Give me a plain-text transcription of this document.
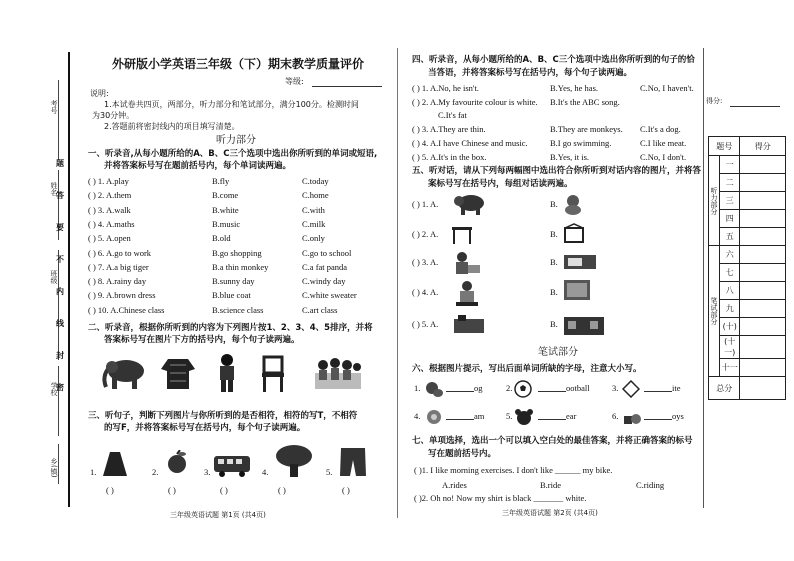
考号
姓名
班级
学校
乡(镇)
题
答
要
不
内
线
封
密
外研版小学英语三年级（下）期末教学质量评价
等级:
说明:
1.本试卷共四页，两部分，听力部分和笔试部分，满分100分。检测时间
为30分钟。
2.答题前将密封线内的项目填写清楚。
听力部分
一、听录音,从每小题所给的A、B、C三个选项中选出你所听到的单词或短语,
并将答案标号写在题前括号内，每个单词读两遍。
( ) 1. A.play	B.fly	C.today
( ) 2. A.them	B.come	C.home
( ) 3. A.walk	B.white	C.with
( ) 4. A.maths	B.music	C.milk
( ) 5. A.open	B.old	C.only
( ) 6. A.go to work	B.go shopping	C.go to school
( ) 7. A.a big tiger	B.a thin monkey	C.a fat panda
( ) 8. A.rainy day	B.sunny day	C.windy day
( ) 9. A.brown dress	B.blue coat	C.white sweater
( ) 10. A.Chinese class	B.science class	C.art class
二、听录音，根据你所听到的内容为下列图片按1、2、3、4、5排序，并将
答案标号写在图片下方的括号内，每个句子读两遍。
三、听句子，判断下列图片与你所听到的是否相符，相符的写T，不相符
的写F，并将答案标号写在括号内，每个句子读两遍。
1.
( )
2.
( )
3.
( )
4.
( )
5.
( )
三年级英语试题 第1页 (共4页)
四、听录音，从每小题所给的A、B、C三个选项中选出你所听到的句子的恰
当答语，并将答案标号写在括号内，每个句子读两遍。
( ) 1. A.No, he isn't.	B.Yes, he has.	C.No, I haven't.
( ) 2. A.My favourite colour is white. B.It's the ABC song.
C.It's fat
( ) 3. A.They are thin.	B.They are monkeys. C.It's a dog.
( ) 4. A.I have Chinese and music.	B.I go swimming.	C.I like meat.
( ) 5. A.It's in the box.	B.Yes, it is.	C.No, I don't.
五、听对话，请从下列每两幅图中选出符合你所听到对话内容的图片，并将答
案标号写在括号内，每组对话读两遍。
( ) 1. A.	B.
( ) 2. A.	B.
( ) 3. A.	B.
( ) 4. A.	B.
( ) 5. A.	B.
笔试部分
六、根据图片提示，写出后面单词所缺的字母，注意大小写。
1.	og	2.	ootball	3.	ite
4.	am	5.	ear	6.	oys
七、单项选择，选出一个可以填入空白处的最佳答案，并将正确答案的标号
写在题前括号内。
( )1. I like morning exercises. I don't like ______ my bike.
A.rides	B.ride	C.riding
( )2. Oh no! Now my shirt is black _______ white.
三年级英语试题 第2页 (共4页)
得分:
题号		得分
听力部分	一	
	二	
	三	
	四	
	五	
笔试部分	六	
	七	
	八	
	九	
	(十)	
	(十一)	
	十一	
总分		
